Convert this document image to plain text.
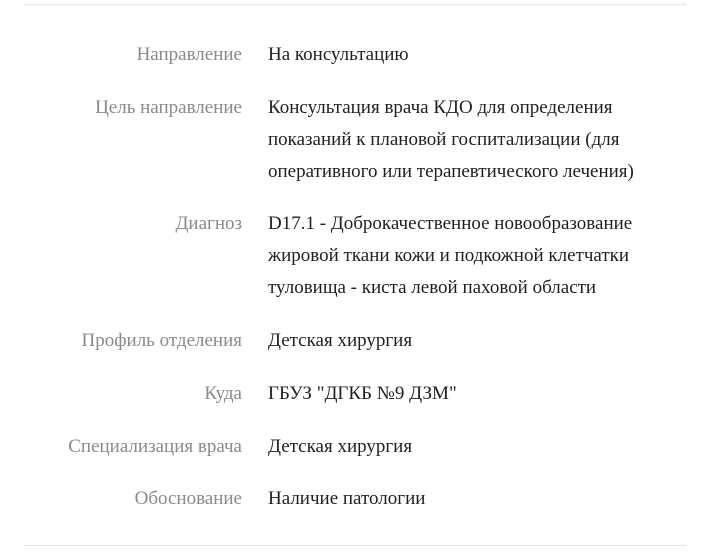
Направление На консультацию
Цель направление Консультация врача КДО для определения
показаний к плановой госпитализации (для
оперативного или терапевтического лечения)
Диагноз D17.1 - Доброкачественное новообразование
жировой ткани кожи и подкожной клетчатки
туловища - киста левой паховой области
Профиль отделения Детская хирургия
Куда ГБУЗ "ДГКБ №9 ДЗМ"
Специализация врача Детская хирургия
Обоснование Наличие патологии
